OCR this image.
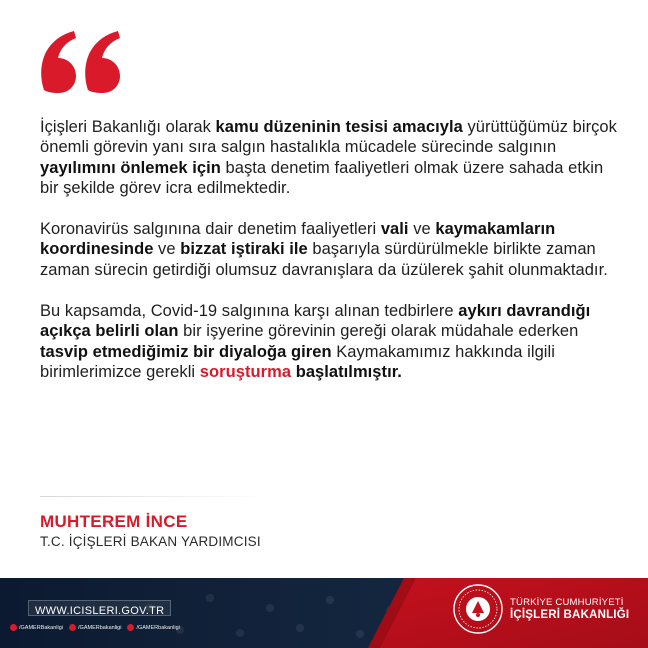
İçişleri Bakanlığı olarak kamu düzeninin tesisi amacıyla yürüttüğümüz birçok önemli görevin yanı sıra salgın hastalıkla mücadele sürecinde salgının yayılımını önlemek için başta denetim faaliyetleri olmak üzere sahada etkin bir şekilde görev icra edilmektedir.

Koronavirüs salgınına dair denetim faaliyetleri vali ve kaymakamların koordinesinde ve bizzat iştiraki ile başarıyla sürdürülmekle birlikte zaman zaman sürecin getirdiği olumsuz davranışlara da üzülerek şahit olunmaktadır.

Bu kapsamda, Covid-19 salgınına karşı alınan tedbirlere aykırı davrandığı açıkça belirli olan bir işyerine görevinin gereği olarak müdahale ederken tasvip etmediğimiz bir diyaloğa giren Kaymakamımız hakkında ilgili birimlerimizce gerekli soruşturma başlatılmıştır.

MUHTEREM İNCE
T.C. İÇİŞLERİ BAKAN YARDIMCISI
WWW.ICISLERI.GOV.TR
/GAMERBakanligi	/GAMERbakanligi	/GAMERbakanligi
TÜRKİYE CUMHURİYETİ
İÇİŞLERİ BAKANLIĞI
